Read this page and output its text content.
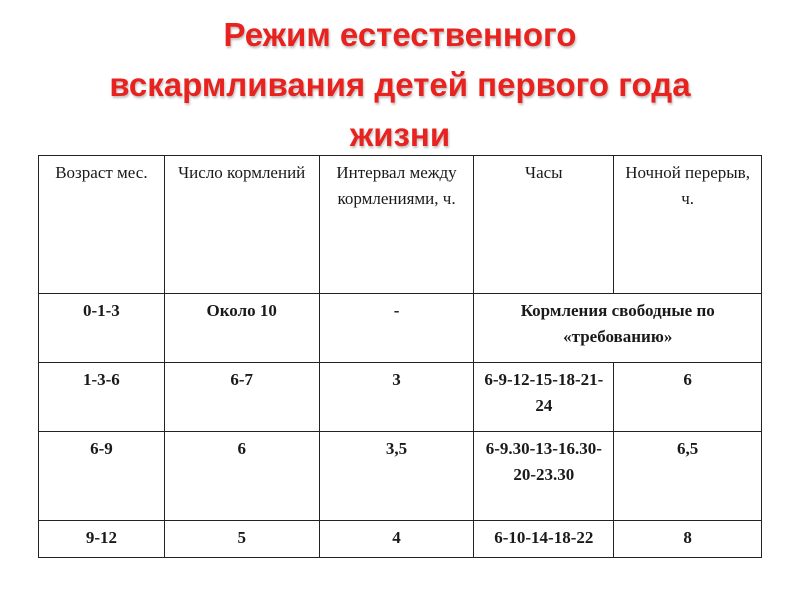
Режим естественного
вскармливания детей первого года
жизни
Возраст мес.	Число кормлений	Интервал между кормлениями, ч.	Часы	Ночной перерыв, ч.
0-1-3	Около 10	-	Кормления свободные по «требованию»	
1-3-6	6-7	3	6-9-12-15-18-21-24	6
6-9	6	3,5	6-9.30-13-16.30-20-23.30	6,5
9-12	5	4	6-10-14-18-22	8
